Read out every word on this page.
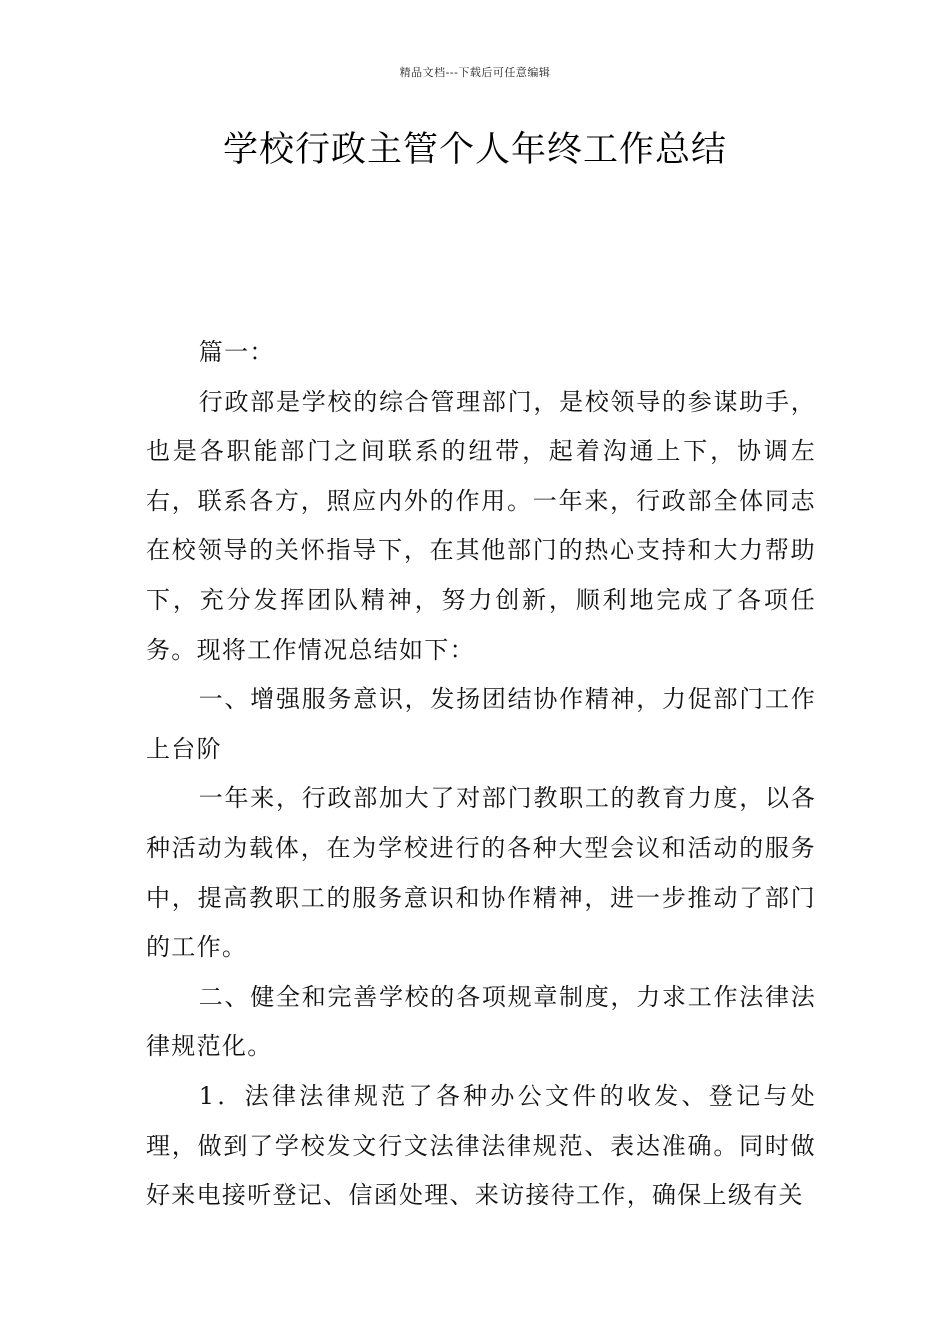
精品文档---下载后可任意编辑
学校行政主管个人年终工作总结

篇一：

行政部是学校的综合管理部门，是校领导的参谋助手，也是各职能部门之间联系的纽带，起着沟通上下，协调左右，联系各方，照应内外的作用。一年来，行政部全体同志在校领导的关怀指导下，在其他部门的热心支持和大力帮助下，充分发挥团队精神，努力创新，顺利地完成了各项任务。现将工作情况总结如下：

一、增强服务意识，发扬团结协作精神，力促部门工作上台阶

一年来，行政部加大了对部门教职工的教育力度，以各种活动为载体，在为学校进行的各种大型会议和活动的服务中，提高教职工的服务意识和协作精神，进一步推动了部门的工作。

二、健全和完善学校的各项规章制度，力求工作法律法律规范化。

1．法律法律规范了各种办公文件的收发、登记与处理，做到了学校发文行文法律法律规范、表达准确。同时做好来电接听登记、信函处理、来访接待工作，确保上级有关
